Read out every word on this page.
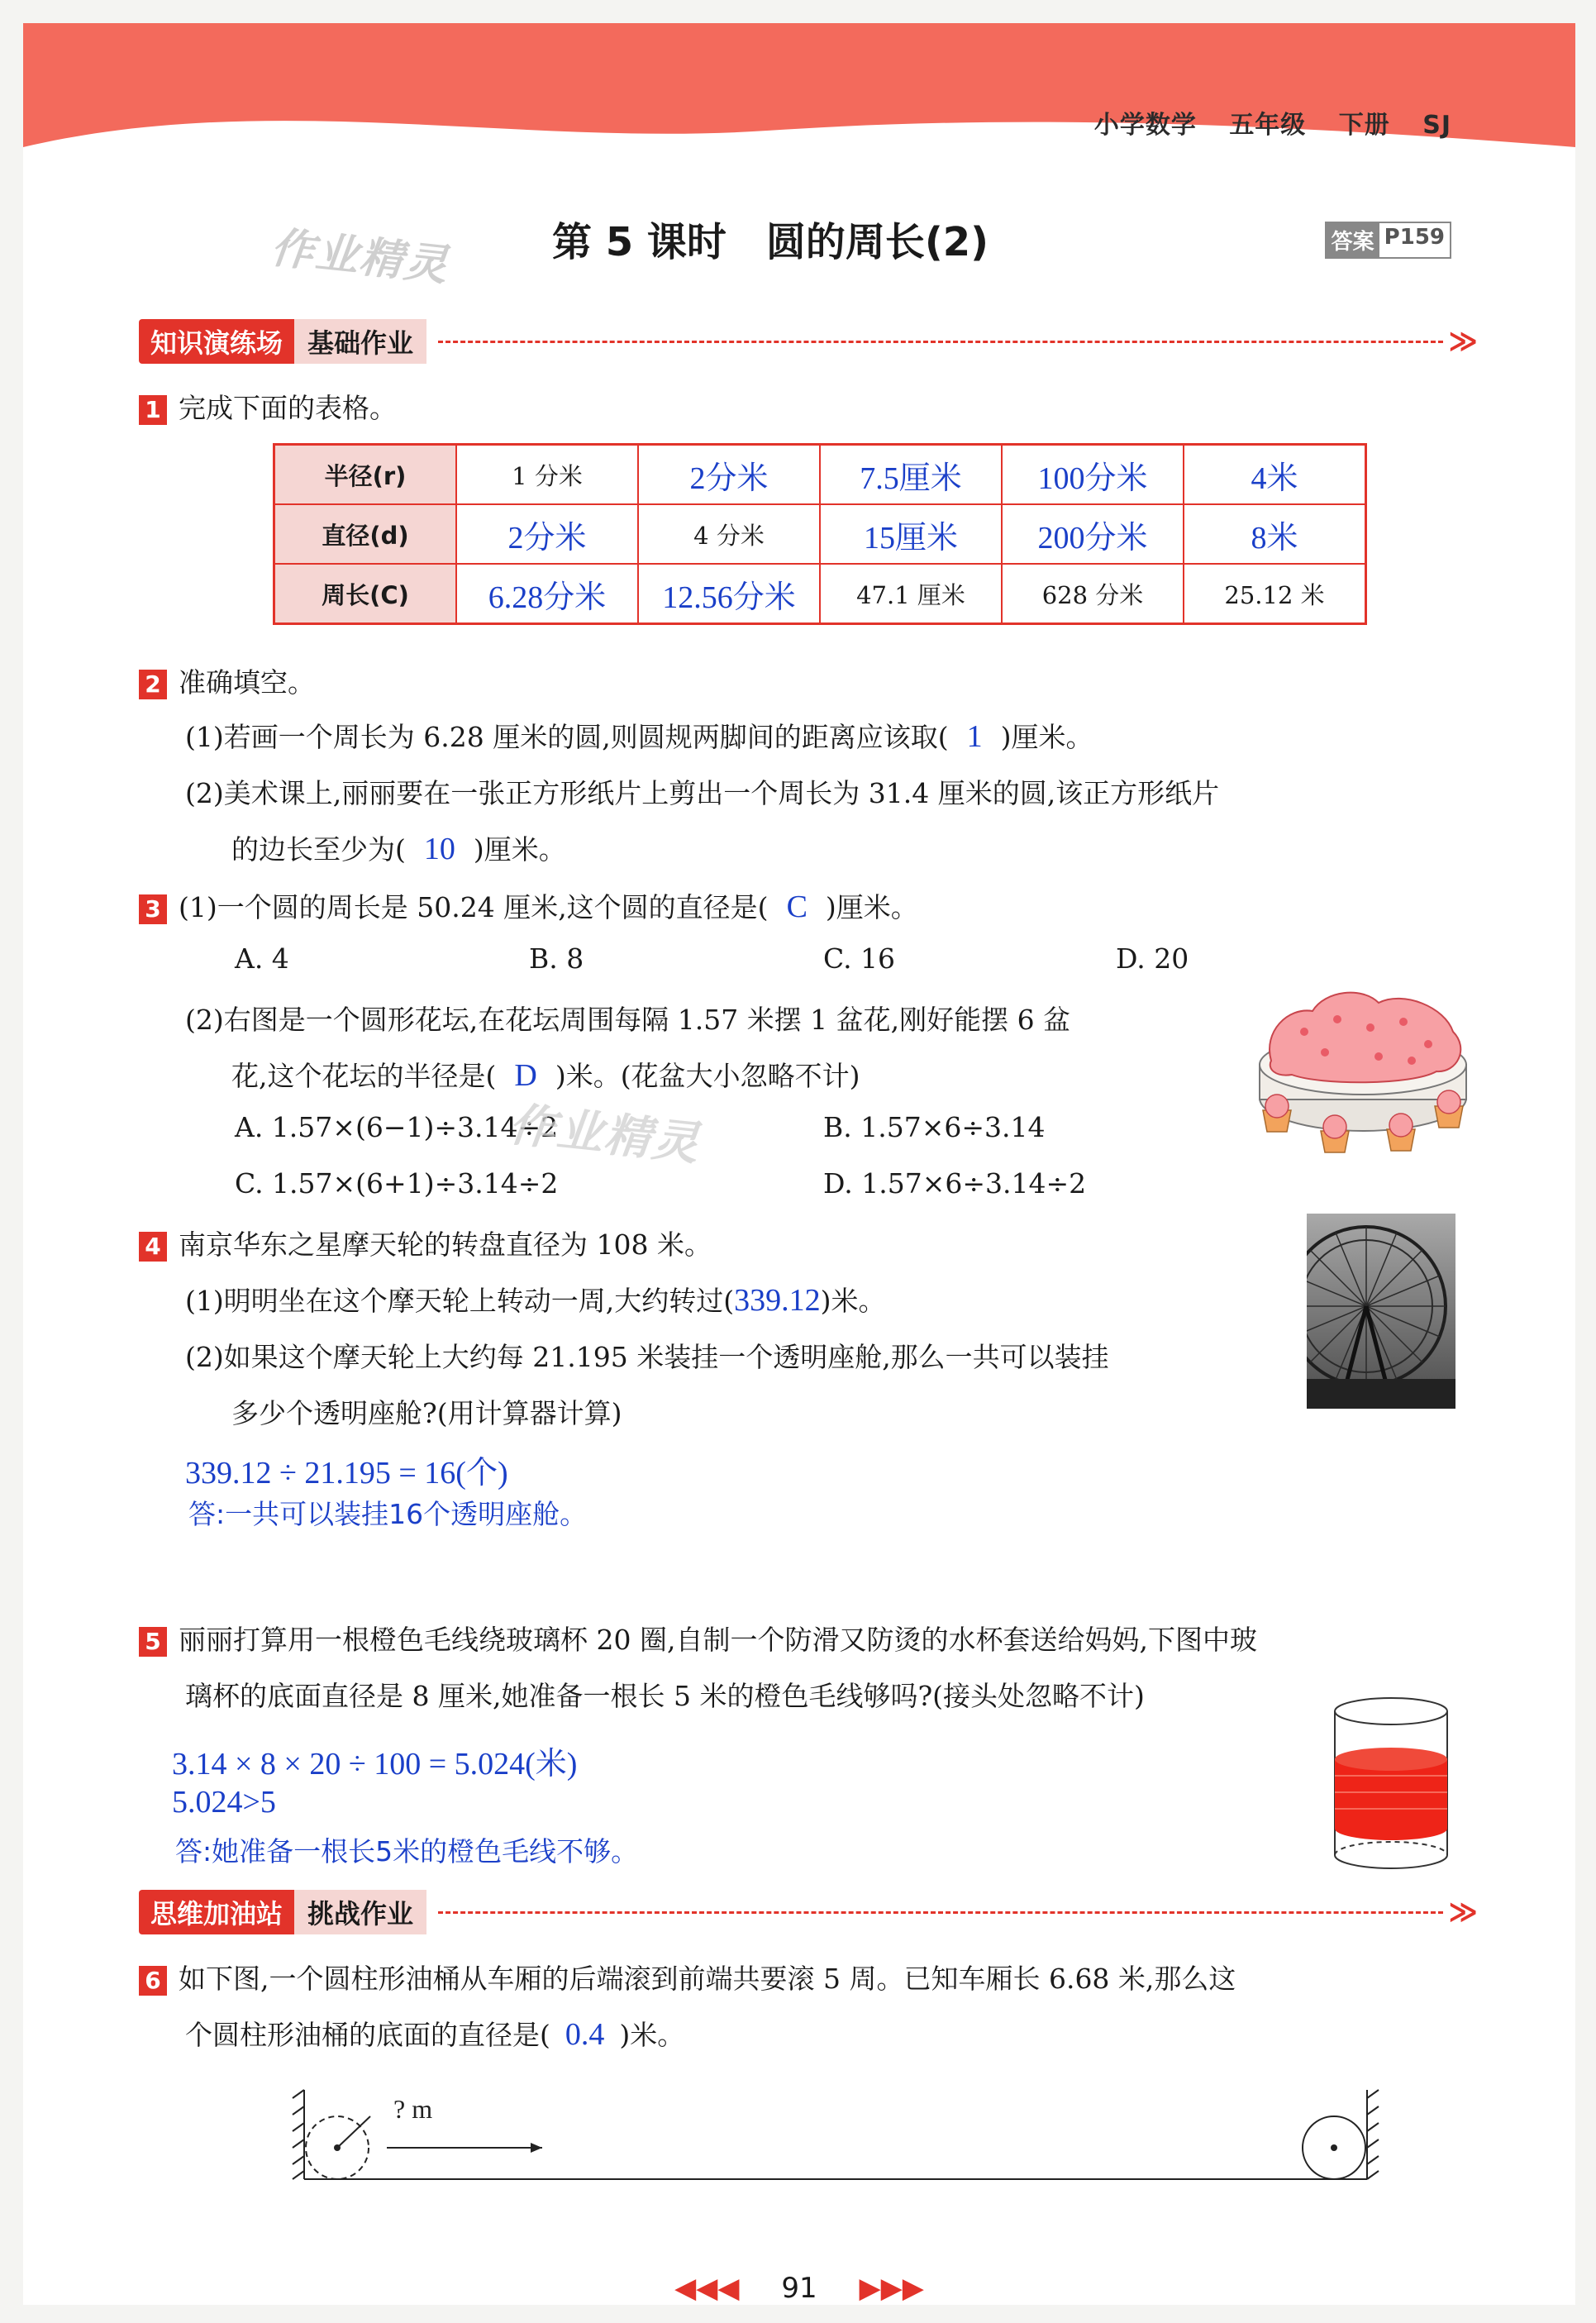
小学数学 五年级 下册 SJ
作业精灵	第 5 课时　圆的周长(2)	答案 P159
知识演练场 基础作业	≫
1 完成下面的表格。
半径(r)	1 分米	2分米	7.5厘米	100分米	4米
直径(d)	2分米	4 分米	15厘米	200分米	8米
周长(C)	6.28分米	12.56分米	47.1 厘米	628 分米	25.12 米
2 准确填空。
(1)若画一个周长为 6.28 厘米的圆,则圆规两脚间的距离应该取( 1 )厘米。
(2)美术课上,丽丽要在一张正方形纸片上剪出一个周长为 31.4 厘米的圆,该正方形纸片
的边长至少为( 10 )厘米。
3 (1)一个圆的周长是 50.24 厘米,这个圆的直径是( C )厘米。
A. 4	B. 8	C. 16	D. 20
(2)右图是一个圆形花坛,在花坛周围每隔 1.57 米摆 1 盆花,刚好能摆 6 盆
花,这个花坛的半径是( D )米。(花盆大小忽略不计)
A. 1.57×(6−1)÷3.14÷2	B. 1.57×6÷3.14
C. 1.57×(6+1)÷3.14÷2	D. 1.57×6÷3.14÷2
作业精灵
4 南京华东之星摩天轮的转盘直径为 108 米。
(1)明明坐在这个摩天轮上转动一周,大约转过(339.12)米。
(2)如果这个摩天轮上大约每 21.195 米装挂一个透明座舱,那么一共可以装挂
多少个透明座舱?(用计算器计算)
339.12 ÷ 21.195 = 16(个)
答:一共可以装挂16个透明座舱。
5 丽丽打算用一根橙色毛线绕玻璃杯 20 圈,自制一个防滑又防烫的水杯套送给妈妈,下图中玻
璃杯的底面直径是 8 厘米,她准备一根长 5 米的橙色毛线够吗?(接头处忽略不计)
3.14 × 8 × 20 ÷ 100 = 5.024(米)
5.024>5
答:她准备一根长5米的橙色毛线不够。
思维加油站 挑战作业	≫
6 如下图,一个圆柱形油桶从车厢的后端滚到前端共要滚 5 周。已知车厢长 6.68 米,那么这
个圆柱形油桶的底面的直径是( 0.4 )米。
? m
◀◀◀ 91 ▶▶▶
